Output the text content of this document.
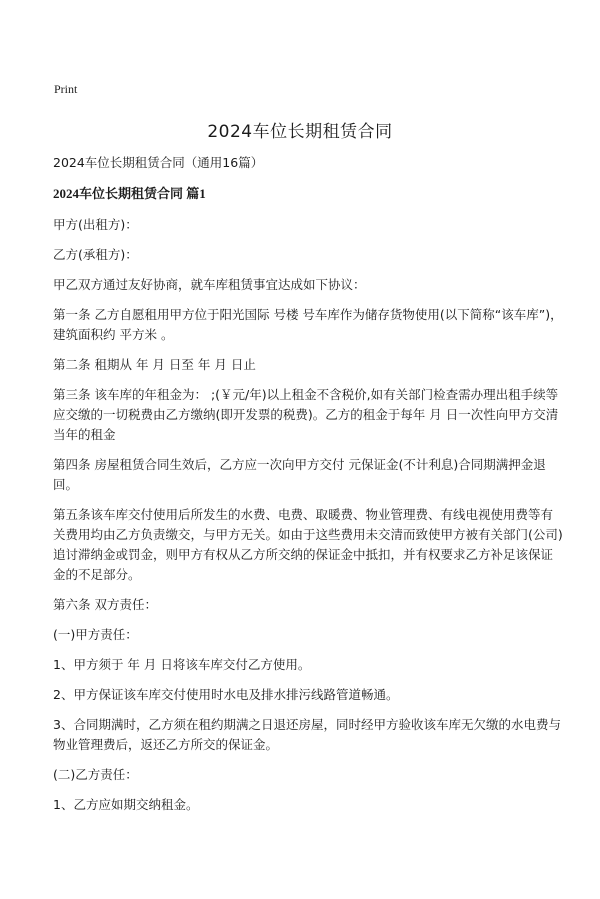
Print
2024车位长期租赁合同

2024车位长期租赁合同（通用16篇）

2024车位长期租赁合同 篇1

甲方(出租方)：

乙方(承租方)：

甲乙双方通过友好协商，就车库租赁事宜达成如下协议：

第一条 乙方自愿租用甲方位于阳光国际 号楼 号车库作为储存货物使用(以下简称“该车库”)，建筑面积约 平方米 。

第二条 租期从 年 月 日至 年 月 日止

第三条 该车库的年租金为： ;(￥元/年)以上租金不含税价,如有关部门检查需办理出租手续等应交缴的一切税费由乙方缴纳(即开发票的税费)。乙方的租金于每年 月 日一次性向甲方交清当年的租金

第四条 房屋租赁合同生效后，乙方应一次向甲方交付 元保证金(不计利息)合同期满押金退回。

第五条该车库交付使用后所发生的水费、电费、取暖费、物业管理费、有线电视使用费等有关费用均由乙方负责缴交，与甲方无关。如由于这些费用未交清而致使甲方被有关部门(公司)追讨滞纳金或罚金，则甲方有权从乙方所交纳的保证金中抵扣，并有权要求乙方补足该保证金的不足部分。

第六条 双方责任：

(一)甲方责任：

1、甲方须于 年 月 日将该车库交付乙方使用。

2、甲方保证该车库交付使用时水电及排水排污线路管道畅通。

3、合同期满时，乙方须在租约期满之日退还房屋，同时经甲方验收该车库无欠缴的水电费与物业管理费后，返还乙方所交的保证金。

(二)乙方责任：

1、乙方应如期交纳租金。
